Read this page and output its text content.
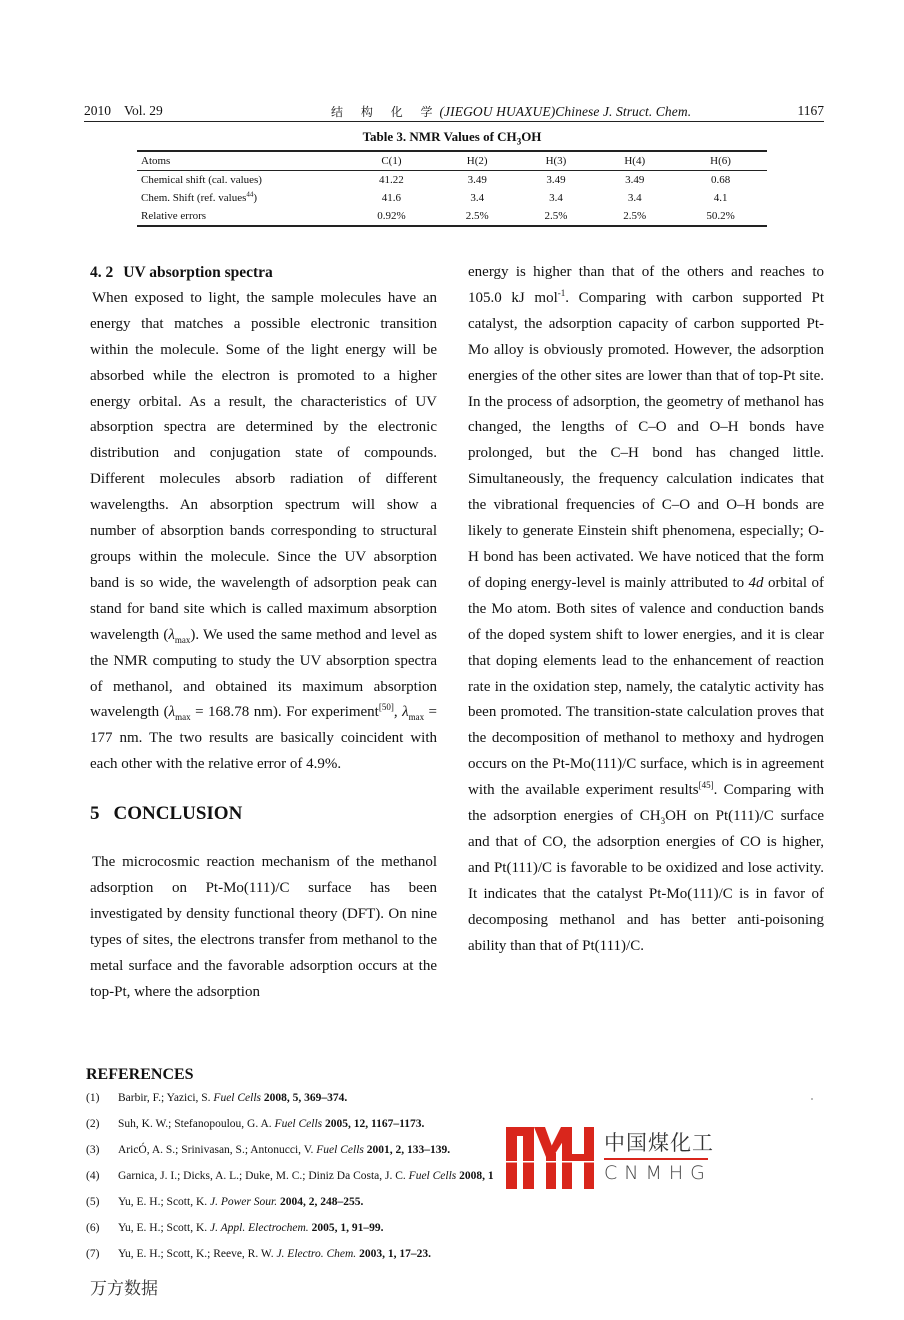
2010 Vol. 29	结 构 化 学(JIEGOU HUAXUE)Chinese J. Struct. Chem.	1167
Table 3. NMR Values of $CH_3OH$
Atoms	C(1)	H(2)	H(3)	H(4)	H(6)
Chemical shift (cal. values)	41.22	3.49	3.49	3.49	0.68
Chem. Shift (ref. values$^{44}$)	41.6	3.4	3.4	3.4	4.1
Relative errors	0.92%	2.5%	2.5%	2.5%	50.2%
4. 2 UV absorption spectra

When exposed to light, the sample molecules have an energy that matches a possible electronic transition within the molecule. Some of the light energy will be absorbed while the electron is promoted to a higher energy orbital. As a result, the characteristics of UV absorption spectra are determined by the electronic distribution and conjugation state of compounds. Different molecules absorb radiation of different wavelengths. An absorption spectrum will show a number of absorption bands corresponding to structural groups within the molecule. Since the UV absorption band is so wide, the wavelength of adsorption peak can stand for band site which is called maximum absorption wavelength $(\lambda_{max})$. We used the same method and level as the NMR computing to study the UV absorption spectra of methanol, and obtained its maximum absorption wavelength ($\lambda_{max} = 168.78$ nm). For experiment[50], $\lambda_{max} = 177$ nm. The two results are basically coincident with each other with the relative error of 4.9%.

5 CONCLUSION

The microcosmic reaction mechanism of the methanol adsorption on Pt-Mo(111)/C surface has been investigated by density functional theory (DFT). On nine types of sites, the electrons transfer from methanol to the metal surface and the favorable adsorption occurs at the top-Pt, where the adsorption

energy is higher than that of the others and reaches to 105.0 kJ mol$^{-1}$. Comparing with carbon supported Pt catalyst, the adsorption capacity of carbon supported Pt-Mo alloy is obviously promoted. However, the adsorption energies of the other sites are lower than that of top-Pt site. In the process of adsorption, the geometry of methanol has changed, the lengths of C–O and O–H bonds have prolonged, but the C–H bond has changed little. Simultaneously, the frequency calculation indicates that the vibrational frequencies of C–O and O–H bonds are likely to generate Einstein shift phenomena, especially; O-H bond has been activated. We have noticed that the form of doping energy-level is mainly attributed to 4d orbital of the Mo atom. Both sites of valence and conduction bands of the doped system shift to lower energies, and it is clear that doping elements lead to the enhancement of reaction rate in the oxidation step, namely, the catalytic activity has been promoted. The transition-state calculation proves that the decomposition of methanol to methoxy and hydrogen occurs on the Pt-Mo(111)/C surface, which is in agreement with the available experiment results[45]. Comparing with the adsorption energies of $CH_3OH$ on Pt(111)/C surface and that of CO, the adsorption energies of CO is higher, and Pt(111)/C is favorable to be oxidized and lose activity. It indicates that the catalyst Pt-Mo(111)/C is in favor of decomposing methanol and has better anti-poisoning ability than that of Pt(111)/C.

REFERENCES
(1) Barbir, F.; Yazici, S. Fuel Cells 2008, 5, 369–374.
(2) Suh, K. W.; Stefanopoulou, G. A. Fuel Cells 2005, 12, 1167–1173.
(3) AricÓ, A. S.; Srinivasan, S.; Antonucci, V. Fuel Cells 2001, 2, 133–139.
(4) Garnica, J. I.; Dicks, A. L.; Duke, M. C.; Diniz Da Costa, J. C. Fuel Cells 2008, 1
(5) Yu, E. H.; Scott, K. J. Power Sour. 2004, 2, 248–255.
(6) Yu, E. H.; Scott, K. J. Appl. Electrochem. 2005, 1, 91–99.
(7) Yu, E. H.; Scott, K.; Reeve, R. W. J. Electro. Chem. 2003, 1, 17–23.
中国煤化工
CNMHG
万方数据
